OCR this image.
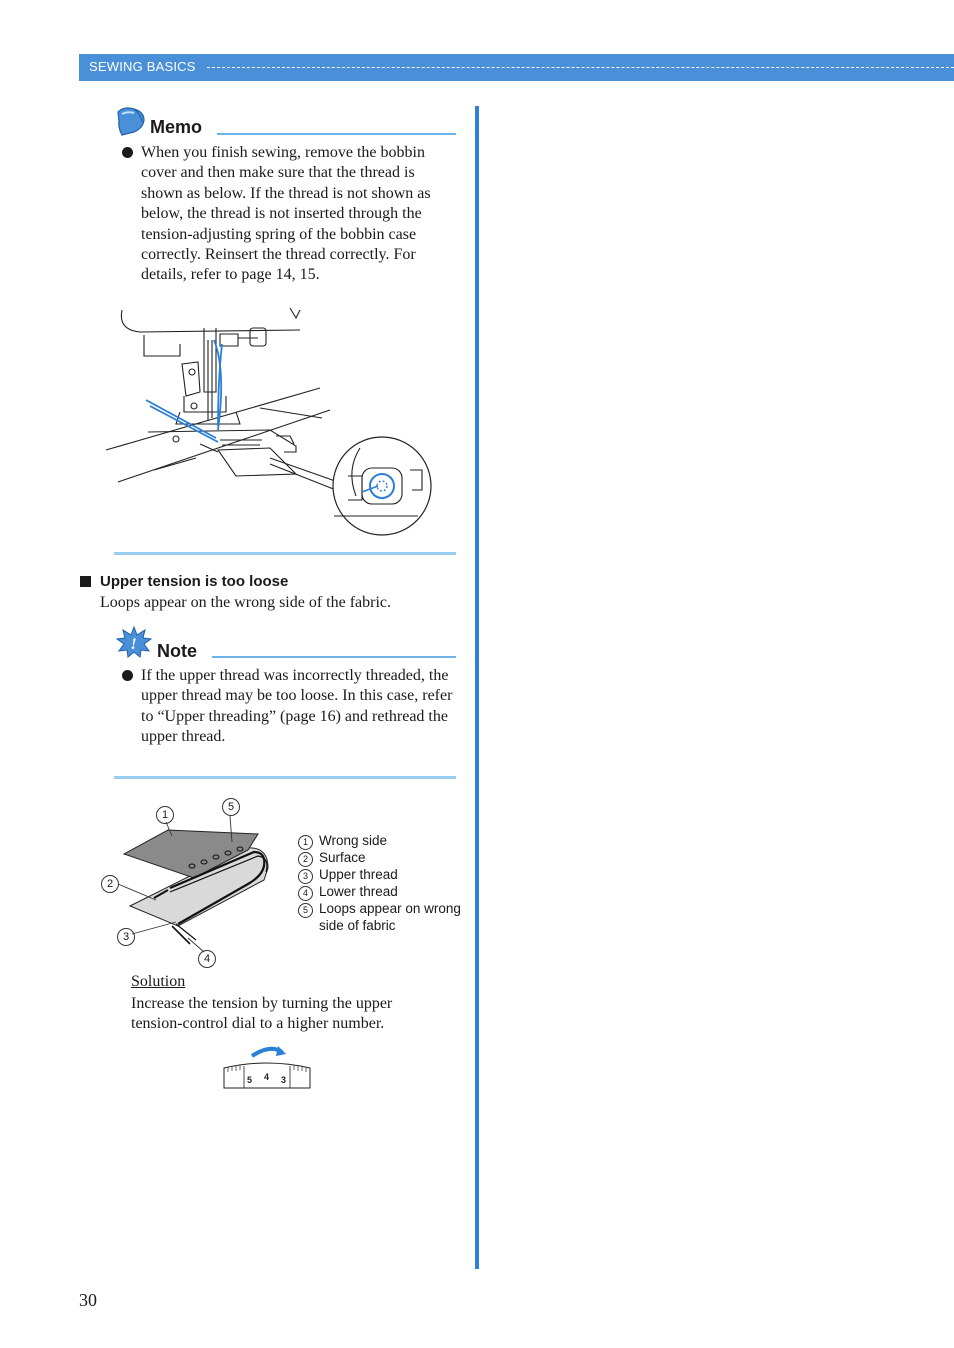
SEWING BASICS
Memo
When you finish sewing, remove the bobbin cover and then make sure that the thread is shown as below. If the thread is not shown as below, the thread is not inserted through the tension-adjusting spring of the bobbin case correctly. Reinsert the thread correctly. For details, refer to page 14, 15.
Upper tension is too loose
Loops appear on the wrong side of the fabric.
! Note
If the upper thread was incorrectly threaded, the upper thread may be too loose. In this case, refer to “Upper threading” (page 16) and rethread the upper thread.
1
5
2
3
4
1 Wrong side
2 Surface
3 Upper thread
4 Lower thread
5 Loops appear on wrong side of fabric
Solution
Increase the tension by turning the upper tension-control dial to a higher number.
5 4 3
30
